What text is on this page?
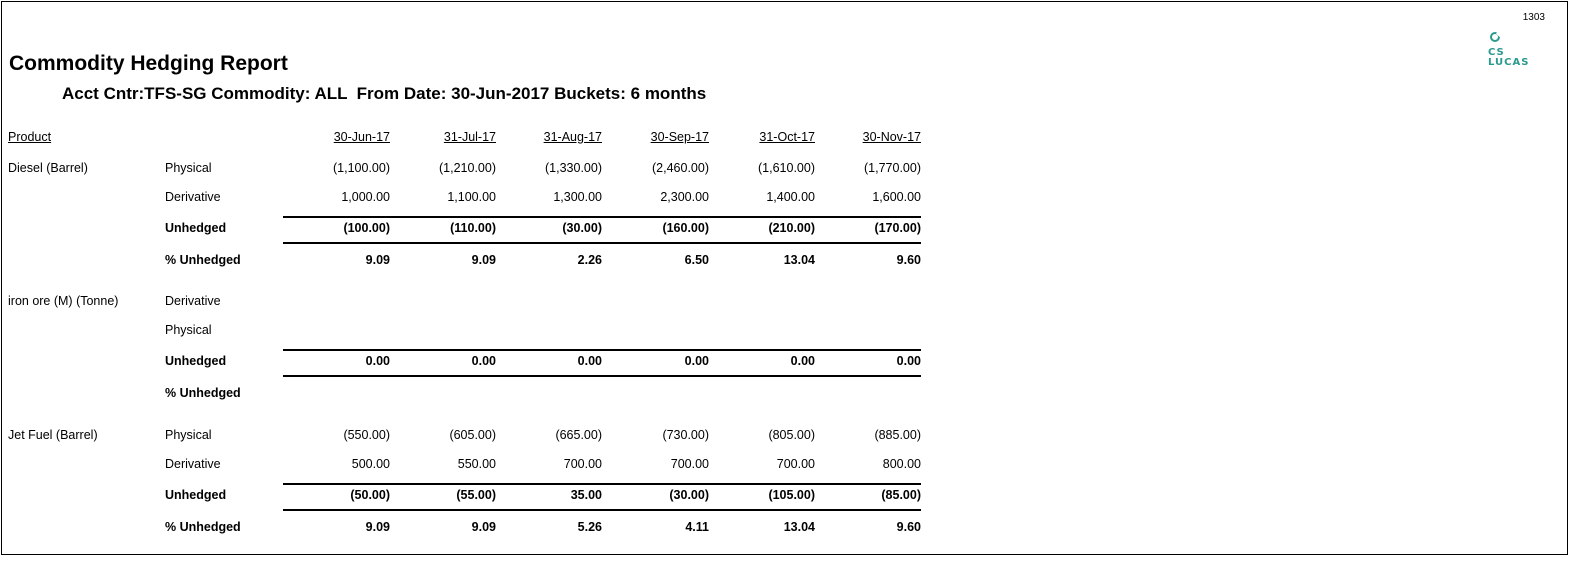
1303
CS
LUCAS
Commodity Hedging Report
Acct Cntr:TFS-SG Commodity: ALL  From Date: 30-Jun-2017 Buckets: 6 months
Product	30-Jun-17	31-Jul-17	31-Aug-17	30-Sep-17	31-Oct-17	30-Nov-17
Diesel (Barrel)	Physical	(1,100.00)	(1,210.00)	(1,330.00)	(2,460.00)	(1,610.00)	(1,770.00)
Derivative	1,000.00	1,100.00	1,300.00	2,300.00	1,400.00	1,600.00
Unhedged	(100.00)	(110.00)	(30.00)	(160.00)	(210.00)	(170.00)
% Unhedged	9.09	9.09	2.26	6.50	13.04	9.60
iron ore (M) (Tonne)	Derivative
Physical
Unhedged	0.00	0.00	0.00	0.00	0.00	0.00
% Unhedged
Jet Fuel (Barrel)	Physical	(550.00)	(605.00)	(665.00)	(730.00)	(805.00)	(885.00)
Derivative	500.00	550.00	700.00	700.00	700.00	800.00
Unhedged	(50.00)	(55.00)	35.00	(30.00)	(105.00)	(85.00)
% Unhedged	9.09	9.09	5.26	4.11	13.04	9.60
